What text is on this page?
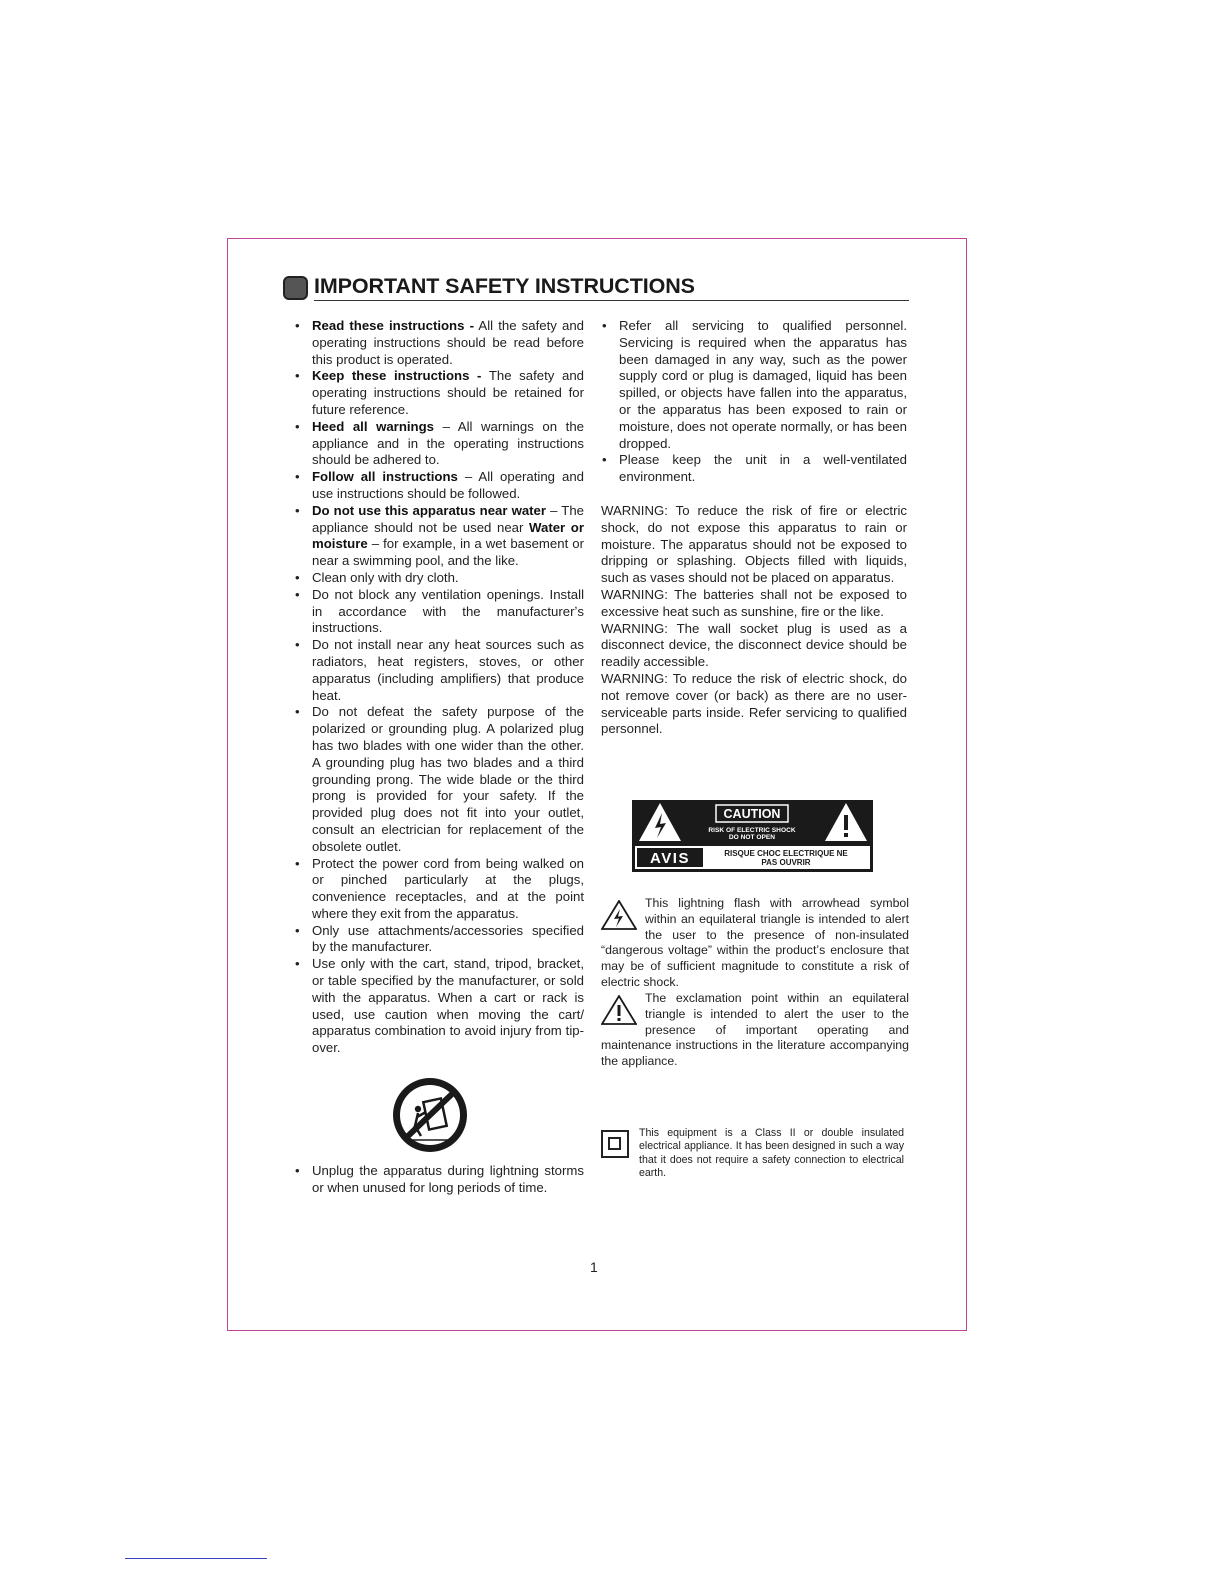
IMPORTANT SAFETY INSTRUCTIONS
• Read these instructions - All the safety and operating instructions should be read before this product is operated.
• Keep these instructions - The safety and operating instructions should be retained for future reference.
• Heed all warnings – All warnings on the appliance and in the operating instructions should be adhered to.
• Follow all instructions – All operating and use instructions should be followed.
• Do not use this apparatus near water – The appliance should not be used near Water or moisture – for example, in a wet basement or near a swimming pool, and the like.
• Clean only with dry cloth.
• Do not block any ventilation openings. Install in accordance with the manufacturerʼs instructions.
• Do not install near any heat sources such as radiators, heat registers, stoves, or other apparatus (including amplifiers) that produce heat.
• Do not defeat the safety purpose of the polarized or grounding plug. A polarized plug has two blades with one wider than the other. A grounding plug has two blades and a third grounding prong. The wide blade or the third prong is provided for your safety. If the provided plug does not fit into your outlet, consult an electrician for replacement of the obsolete outlet.
• Protect the power cord from being walked on or pinched particularly at the plugs, convenience receptacles, and at the point where they exit from the apparatus.
• Only use attachments/accessories specified by the manufacturer.
• Use only with the cart, stand, tripod, bracket, or table specified by the manufacturer, or sold with the apparatus. When a cart or rack is used, use caution when moving the cart/ apparatus combination to avoid injury from tip-over.
• Unplug the apparatus during lightning storms or when unused for long periods of time.
• Refer all servicing to qualified personnel. Servicing is required when the apparatus has been damaged in any way, such as the power supply cord or plug is damaged, liquid has been spilled, or objects have fallen into the apparatus, or the apparatus has been exposed to rain or moisture, does not operate normally, or has been dropped.
• Please keep the unit in a well-ventilated environment.

WARNING: To reduce the risk of fire or electric shock, do not expose this apparatus to rain or moisture. The apparatus should not be exposed to dripping or splashing. Objects filled with liquids, such as vases should not be placed on apparatus.

WARNING: The batteries shall not be exposed to excessive heat such as sunshine, fire or the like.

WARNING: The wall socket plug is used as a disconnect device, the disconnect device should be readily accessible.

WARNING: To reduce the risk of electric shock, do not remove cover (or back) as there are no user-serviceable parts inside. Refer servicing to qualified personnel.

CAUTION
RISK OF ELECTRIC SHOCK
DO NOT OPEN
AVIS	RISQUE CHOC ELECTRIQUE NE
PAS OUVRIR
This lightning flash with arrowhead symbol within an equilateral triangle is intended to alert the user to the presence of non-insulated “dangerous voltage” within the productʼs enclosure that may be of sufficient magnitude to constitute a risk of electric shock.
The exclamation point within an equilateral triangle is intended to alert the user to the presence of important operating and maintenance instructions in the literature accompanying the appliance.
This equipment is a Class II or double insulated electrical appliance. It has been designed in such a way that it does not require a safety connection to electrical earth.
1
